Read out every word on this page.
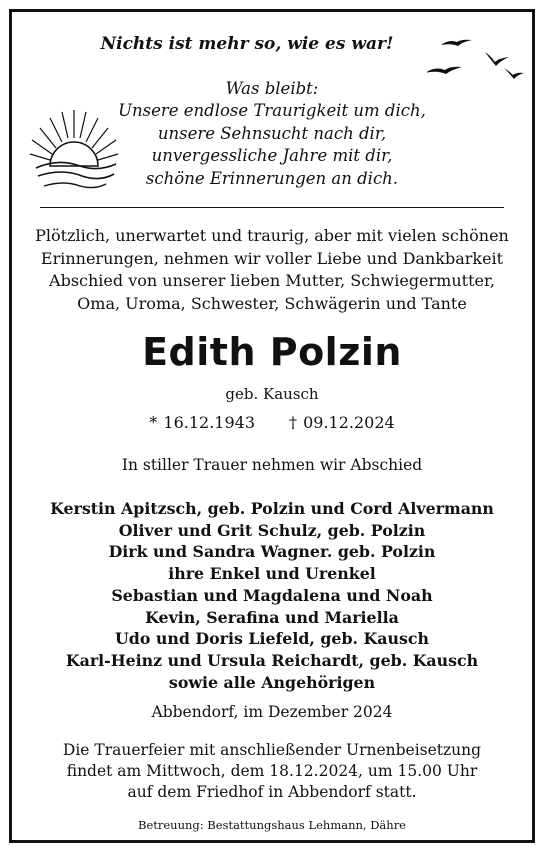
Nichts ist mehr so, wie es war!
Was bleibt:
Unsere endlose Traurigkeit um dich,
unsere Sehnsucht nach dir,
unvergessliche Jahre mit dir,
schöne Erinnerungen an dich.
Plötzlich, unerwartet und traurig, aber mit vielen schönen
Erinnerungen, nehmen wir voller Liebe und Dankbarkeit
Abschied von unserer lieben Mutter, Schwiegermutter,
Oma, Uroma, Schwester, Schwägerin und Tante
Edith Polzin
geb. Kausch
* 16.12.1943 † 09.12.2024
In stiller Trauer nehmen wir Abschied
Kerstin Apitzsch, geb. Polzin und Cord Alvermann
Oliver und Grit Schulz, geb. Polzin
Dirk und Sandra Wagner. geb. Polzin
ihre Enkel und Urenkel
Sebastian und Magdalena und Noah
Kevin, Serafina und Mariella
Udo und Doris Liefeld, geb. Kausch
Karl-Heinz und Ursula Reichardt, geb. Kausch
sowie alle Angehörigen
Abbendorf, im Dezember 2024
Die Trauerfeier mit anschließender Urnenbeisetzung
findet am Mittwoch, dem 18.12.2024, um 15.00 Uhr
auf dem Friedhof in Abbendorf statt.
Betreuung: Bestattungshaus Lehmann, Dähre
